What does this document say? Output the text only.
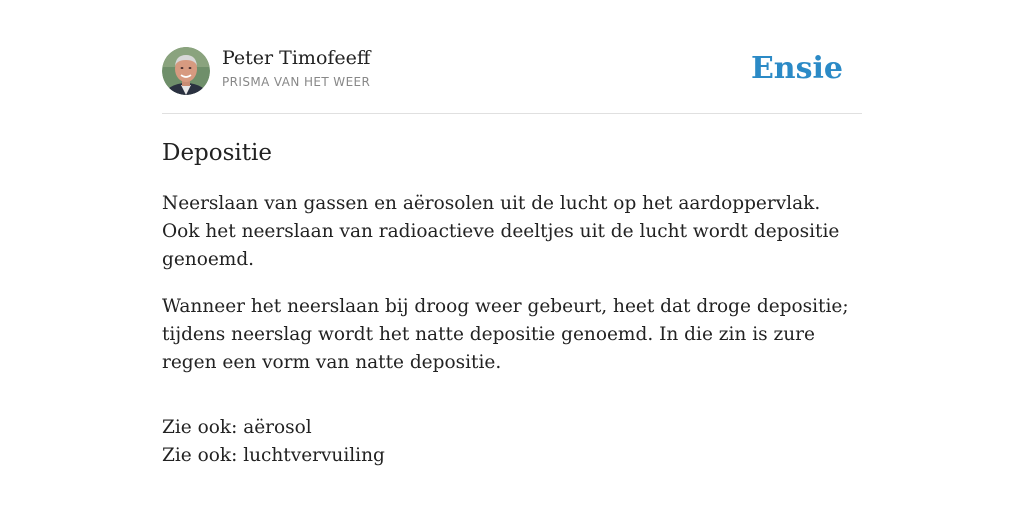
Peter Timofeeff
PRISMA VAN HET WEER	Ensie
Depositie

Neerslaan van gassen en aërosolen uit de lucht op het aardoppervlak. Ook het neerslaan van radioactieve deeltjes uit de lucht wordt depositie genoemd.

Wanneer het neerslaan bij droog weer gebeurt, heet dat droge depositie; tijdens neerslag wordt het natte depositie genoemd. In die zin is zure regen een vorm van natte depositie.

Zie ook: aërosol
Zie ook: luchtvervuiling
